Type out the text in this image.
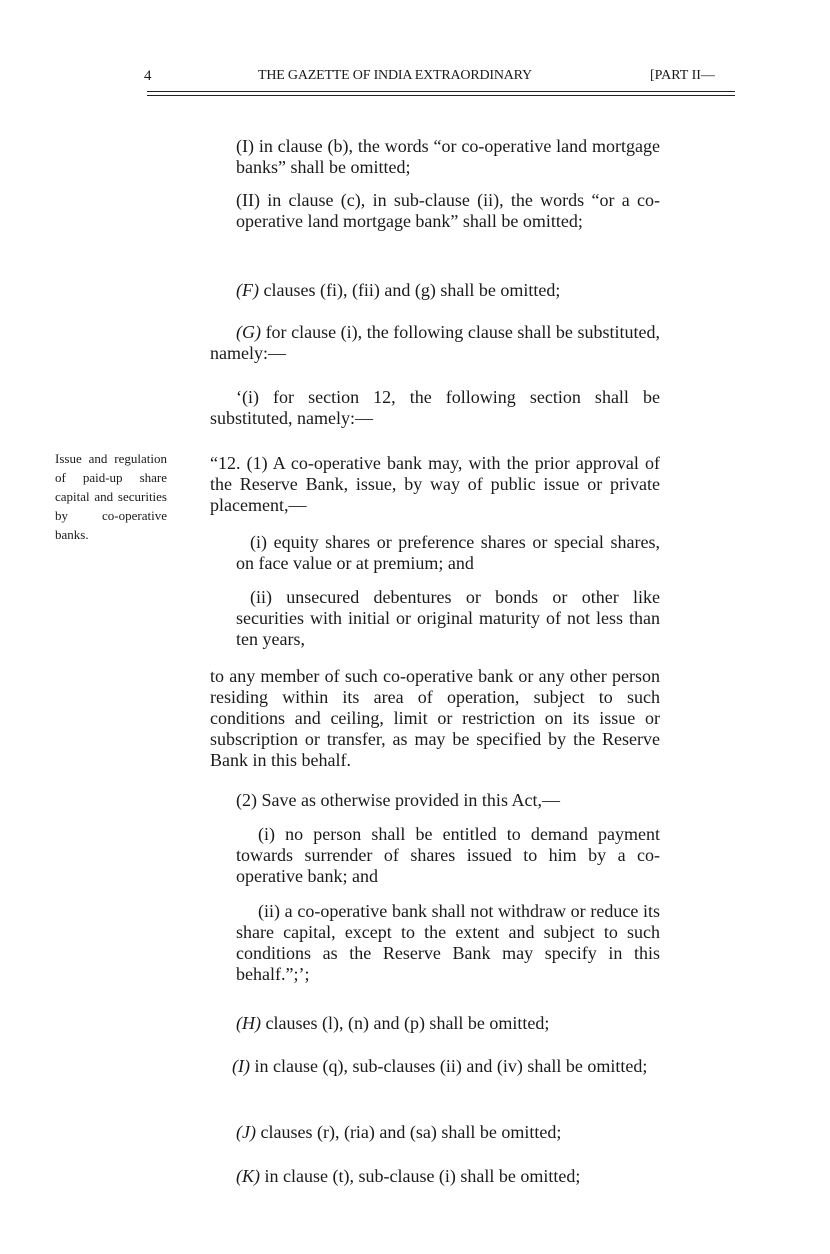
4	THE GAZETTE OF INDIA EXTRAORDINARY	[PART II—

Issue and regulation of paid-up share capital and securities by co-operative banks.

(I) in clause (b), the words “or co-operative land mortgage banks” shall be omitted;

(II) in clause (c), in sub-clause (ii), the words “or a co-operative land mortgage bank” shall be omitted;

(F) clauses (fi), (fii) and (g) shall be omitted;

(G) for clause (i), the following clause shall be substituted, namely:—

‘(i) for section 12, the following section shall be substituted, namely:—

“12. (1) A co-operative bank may, with the prior approval of the Reserve Bank, issue, by way of public issue or private placement,—

(i) equity shares or preference shares or special shares, on face value or at premium; and

(ii) unsecured debentures or bonds or other like securities with initial or original maturity of not less than ten years,

to any member of such co-operative bank or any other person residing within its area of operation, subject to such conditions and ceiling, limit or restriction on its issue or subscription or transfer, as may be specified by the Reserve Bank in this behalf.

(2) Save as otherwise provided in this Act,—

(i) no person shall be entitled to demand payment towards surrender of shares issued to him by a co-operative bank; and

(ii) a co-operative bank shall not withdraw or reduce its share capital, except to the extent and subject to such conditions as the Reserve Bank may specify in this behalf.”;’;

(H) clauses (l), (n) and (p) shall be omitted;

(I) in clause (q), sub-clauses (ii) and (iv) shall be omitted;

(J) clauses (r), (ria) and (sa) shall be omitted;

(K) in clause (t), sub-clause (i) shall be omitted;
